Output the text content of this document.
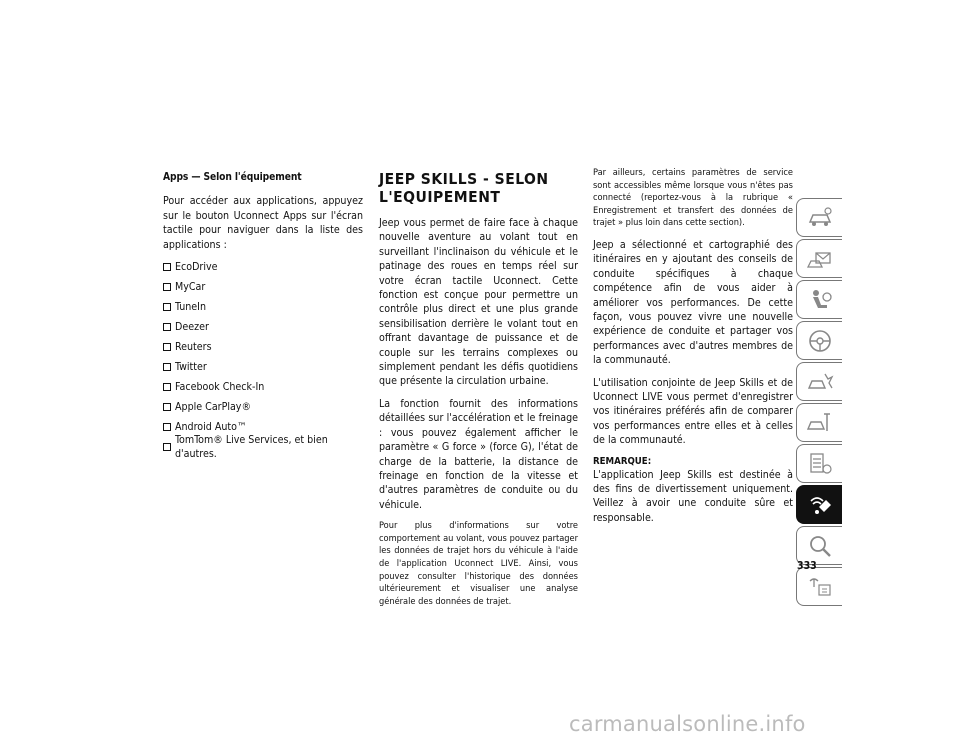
Apps — Selon l'équipement

Pour accéder aux applications, appuyez sur le bouton Uconnect Apps sur l'écran tactile pour naviguer dans la liste des applications :

EcoDrive
MyCar
TuneIn
Deezer
Reuters
Twitter
Facebook Check-In
Apple CarPlay®
Android Auto™
TomTom® Live Services, et bien d'autres.
JEEP SKILLS - SELON
L'EQUIPEMENT

Jeep vous permet de faire face à chaque nouvelle aventure au volant tout en surveillant l'inclinaison du véhicule et le patinage des roues en temps réel sur votre écran tactile Uconnect. Cette fonction est conçue pour permettre un contrôle plus direct et une plus grande sensibilisation derrière le volant tout en offrant davantage de puissance et de couple sur les terrains complexes ou simplement pendant les défis quotidiens que présente la circulation urbaine.

La fonction fournit des informations détaillées sur l'accélération et le freinage : vous pouvez également afficher le paramètre « G force » (force G), l'état de charge de la batterie, la distance de freinage en fonction de la vitesse et d'autres paramètres de conduite ou du véhicule.

Pour plus d'informations sur votre comportement au volant, vous pouvez partager les données de trajet hors du véhicule à l'aide de l'application Uconnect LIVE. Ainsi, vous pouvez consulter l'historique des données ultérieurement et visualiser une analyse générale des données de trajet.

Par ailleurs, certains paramètres de service sont accessibles même lorsque vous n'êtes pas connecté (reportez-vous à la rubrique « Enregistrement et transfert des données de trajet » plus loin dans cette section).

Jeep a sélectionné et cartographié des itinéraires en y ajoutant des conseils de conduite spécifiques à chaque compétence afin de vous aider à améliorer vos performances. De cette façon, vous pouvez vivre une nouvelle expérience de conduite et partager vos performances avec d'autres membres de la communauté.

L'utilisation conjointe de Jeep Skills et de Uconnect LIVE vous permet d'enregistrer vos itinéraires préférés afin de comparer vos performances entre elles et à celles de la communauté.

REMARQUE:

L'application Jeep Skills est destinée à des fins de divertissement uniquement. Veillez à avoir une conduite sûre et responsable.

333
carmanualsonline.info
